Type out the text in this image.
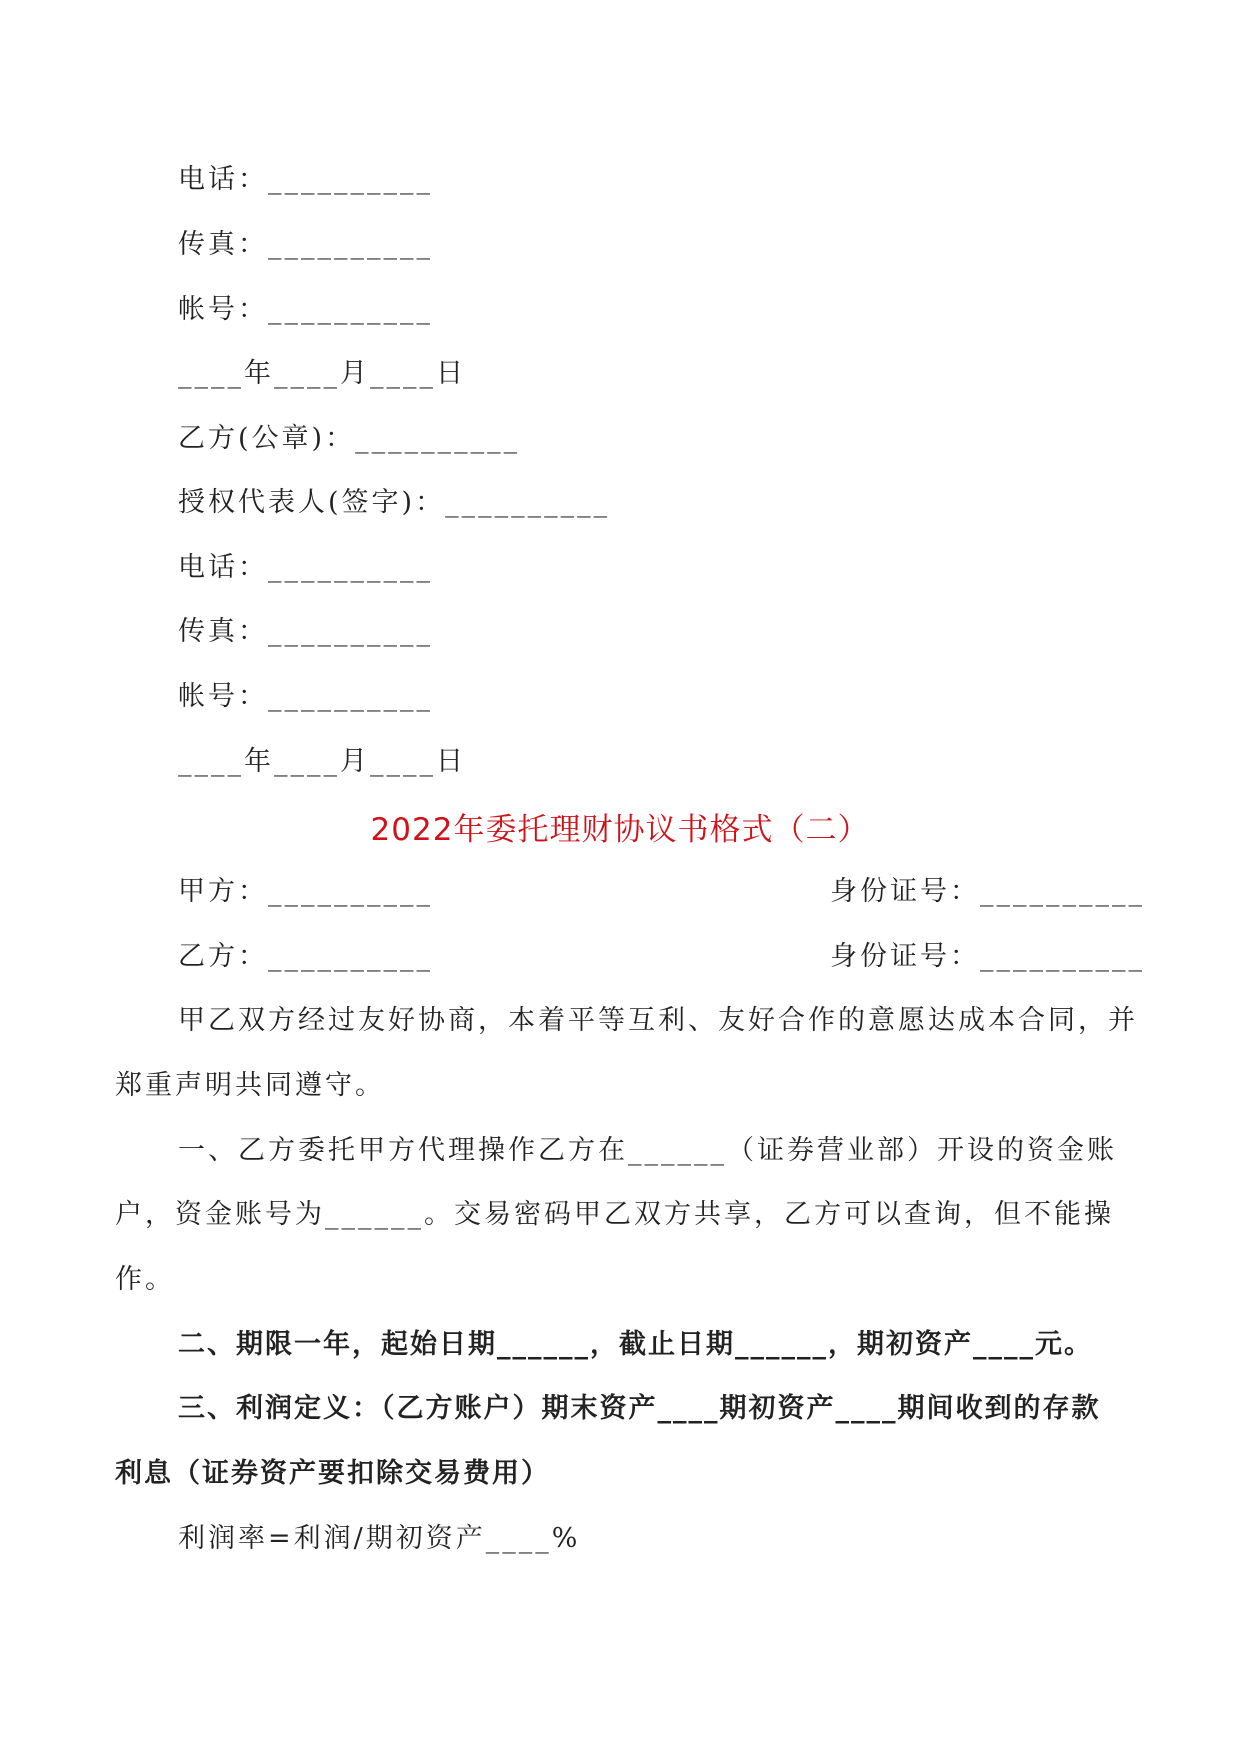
电话：__________
传真：__________
帐号：__________
____年____月____日
乙方(公章)：__________
授权代表人(签字)：__________
电话：__________
传真：__________
帐号：__________
____年____月____日
2022年委托理财协议书格式（二）
甲方：__________	身份证号：__________
乙方：__________	身份证号：__________
甲乙双方经过友好协商，本着平等互利、友好合作的意愿达成本合同，并
郑重声明共同遵守。
一、乙方委托甲方代理操作乙方在______（证券营业部）开设的资金账
户，资金账号为______。交易密码甲乙双方共享，乙方可以查询，但不能操
作。
二、期限一年，起始日期______，截止日期______，期初资产____元。
三、利润定义：（乙方账户）期末资产____期初资产____期间收到的存款
利息（证券资产要扣除交易费用）
利润率=利润/期初资产____%
